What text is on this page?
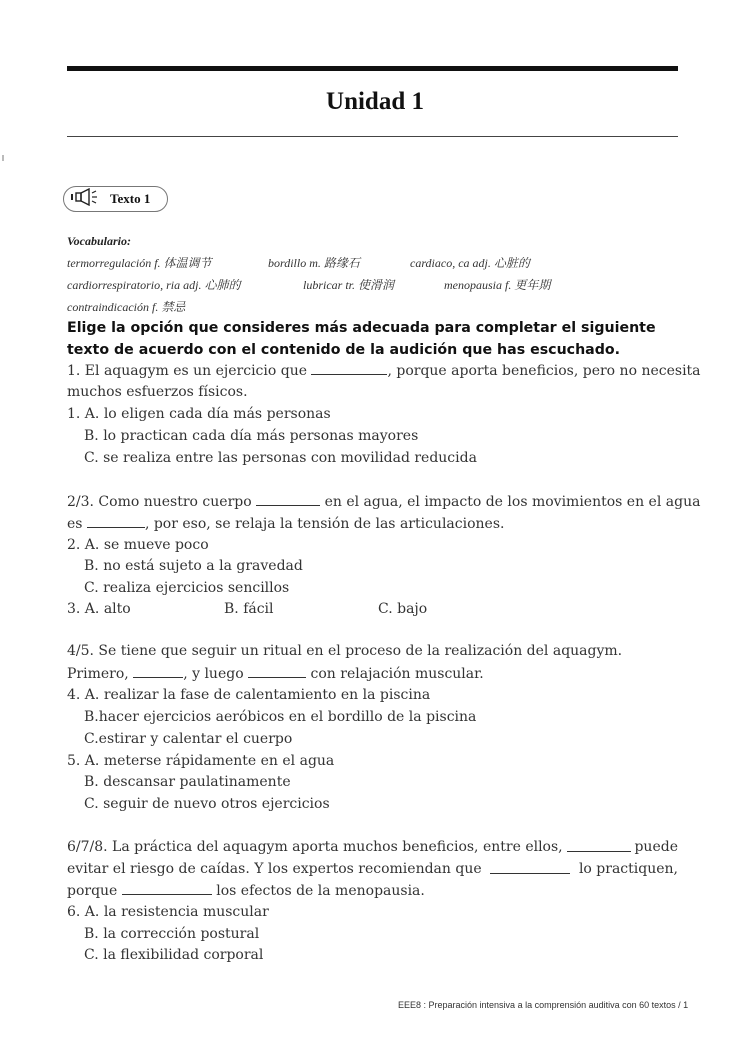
Unidad 1
Texto 1
Vocabulario:
termorregulación f. 体温调节	bordillo m. 路缘石	cardiaco, ca adj. 心脏的
cardiorrespiratorio, ria adj. 心肺的	lubricar tr. 使滑润	menopausia f. 更年期
contraindicación f. 禁忌
Elige la opción que consideres más adecuada para completar el siguiente texto de acuerdo con el contenido de la audición que has escuchado.
1. El aquagym es un ejercicio que	, porque aporta beneficios, pero no necesita
muchos esfuerzos físicos.
1. A. lo eligen cada día más personas
B. lo practican cada día más personas mayores
C. se realiza entre las personas con movilidad reducida
2/3. Como nuestro cuerpo	en el agua, el impacto de los movimientos en el agua
es	, por eso, se relaja la tensión de las articulaciones.
2. A. se mueve poco
B. no está sujeto a la gravedad
C. realiza ejercicios sencillos
3. A. alto	B. fácil	C. bajo
4/5. Se tiene que seguir un ritual en el proceso de la realización del aquagym.
Primero,	, y luego	con relajación muscular.
4. A. realizar la fase de calentamiento en la piscina
B.hacer ejercicios aeróbicos en el bordillo de la piscina
C.estirar y calentar el cuerpo
5. A. meterse rápidamente en el agua
B. descansar paulatinamente
C. seguir de nuevo otros ejercicios
6/7/8. La práctica del aquagym aporta muchos beneficios, entre ellos,	puede
evitar el riesgo de caídas. Y los expertos recomiendan que	lo practiquen,
porque	los efectos de la menopausia.
6. A. la resistencia muscular
B. la corrección postural
C. la flexibilidad corporal
EEE8 : Preparación intensiva a la comprensión auditiva con 60 textos / 1
